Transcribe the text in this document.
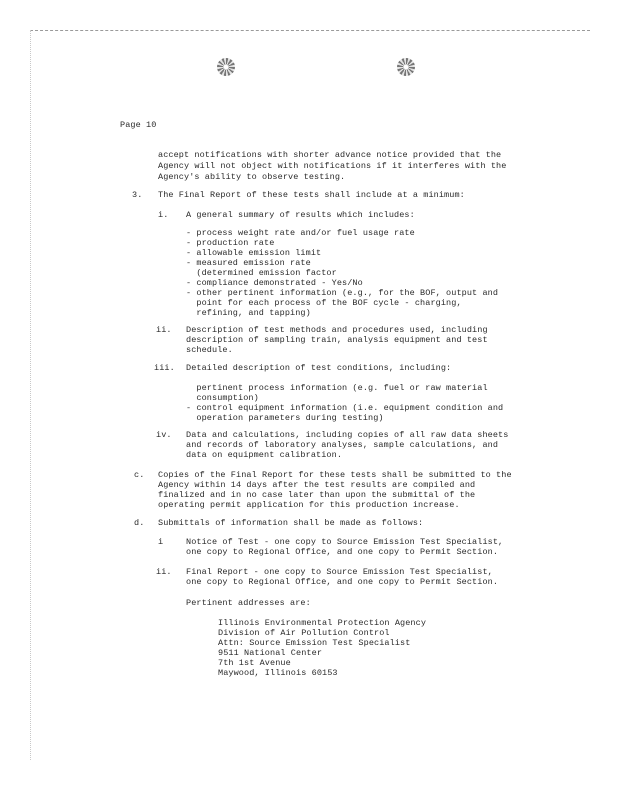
Page 10
accept notifications with shorter advance notice provided that the
Agency will not object with notifications if it interferes with the
Agency's ability to observe testing.
3. The Final Report of these tests shall include at a minimum:
i. A general summary of results which includes:
- process weight rate and/or fuel usage rate
- production rate
- allowable emission limit
- measured emission rate
(determined emission factor
- compliance demonstrated - Yes/No
- other pertinent information (e.g., for the BOF, output and
point for each process of the BOF cycle - charging,
refining, and tapping)
ii. Description of test methods and procedures used, including
description of sampling train, analysis equipment and test
schedule.
iii. Detailed description of test conditions, including:
pertinent process information (e.g. fuel or raw material
consumption)
- control equipment information (i.e. equipment condition and
operation parameters during testing)
iv. Data and calculations, including copies of all raw data sheets
and records of laboratory analyses, sample calculations, and
data on equipment calibration.
c. Copies of the Final Report for these tests shall be submitted to the
Agency within 14 days after the test results are compiled and
finalized and in no case later than upon the submittal of the
operating permit application for this production increase.
d. Submittals of information shall be made as follows:
i	Notice of Test - one copy to Source Emission Test Specialist,
one copy to Regional Office, and one copy to Permit Section.
ii. Final Report - one copy to Source Emission Test Specialist,
one copy to Regional Office, and one copy to Permit Section.
Pertinent addresses are:
Illinois Environmental Protection Agency
Division of Air Pollution Control
Attn: Source Emission Test Specialist
9511 National Center
7th 1st Avenue
Maywood, Illinois 60153
